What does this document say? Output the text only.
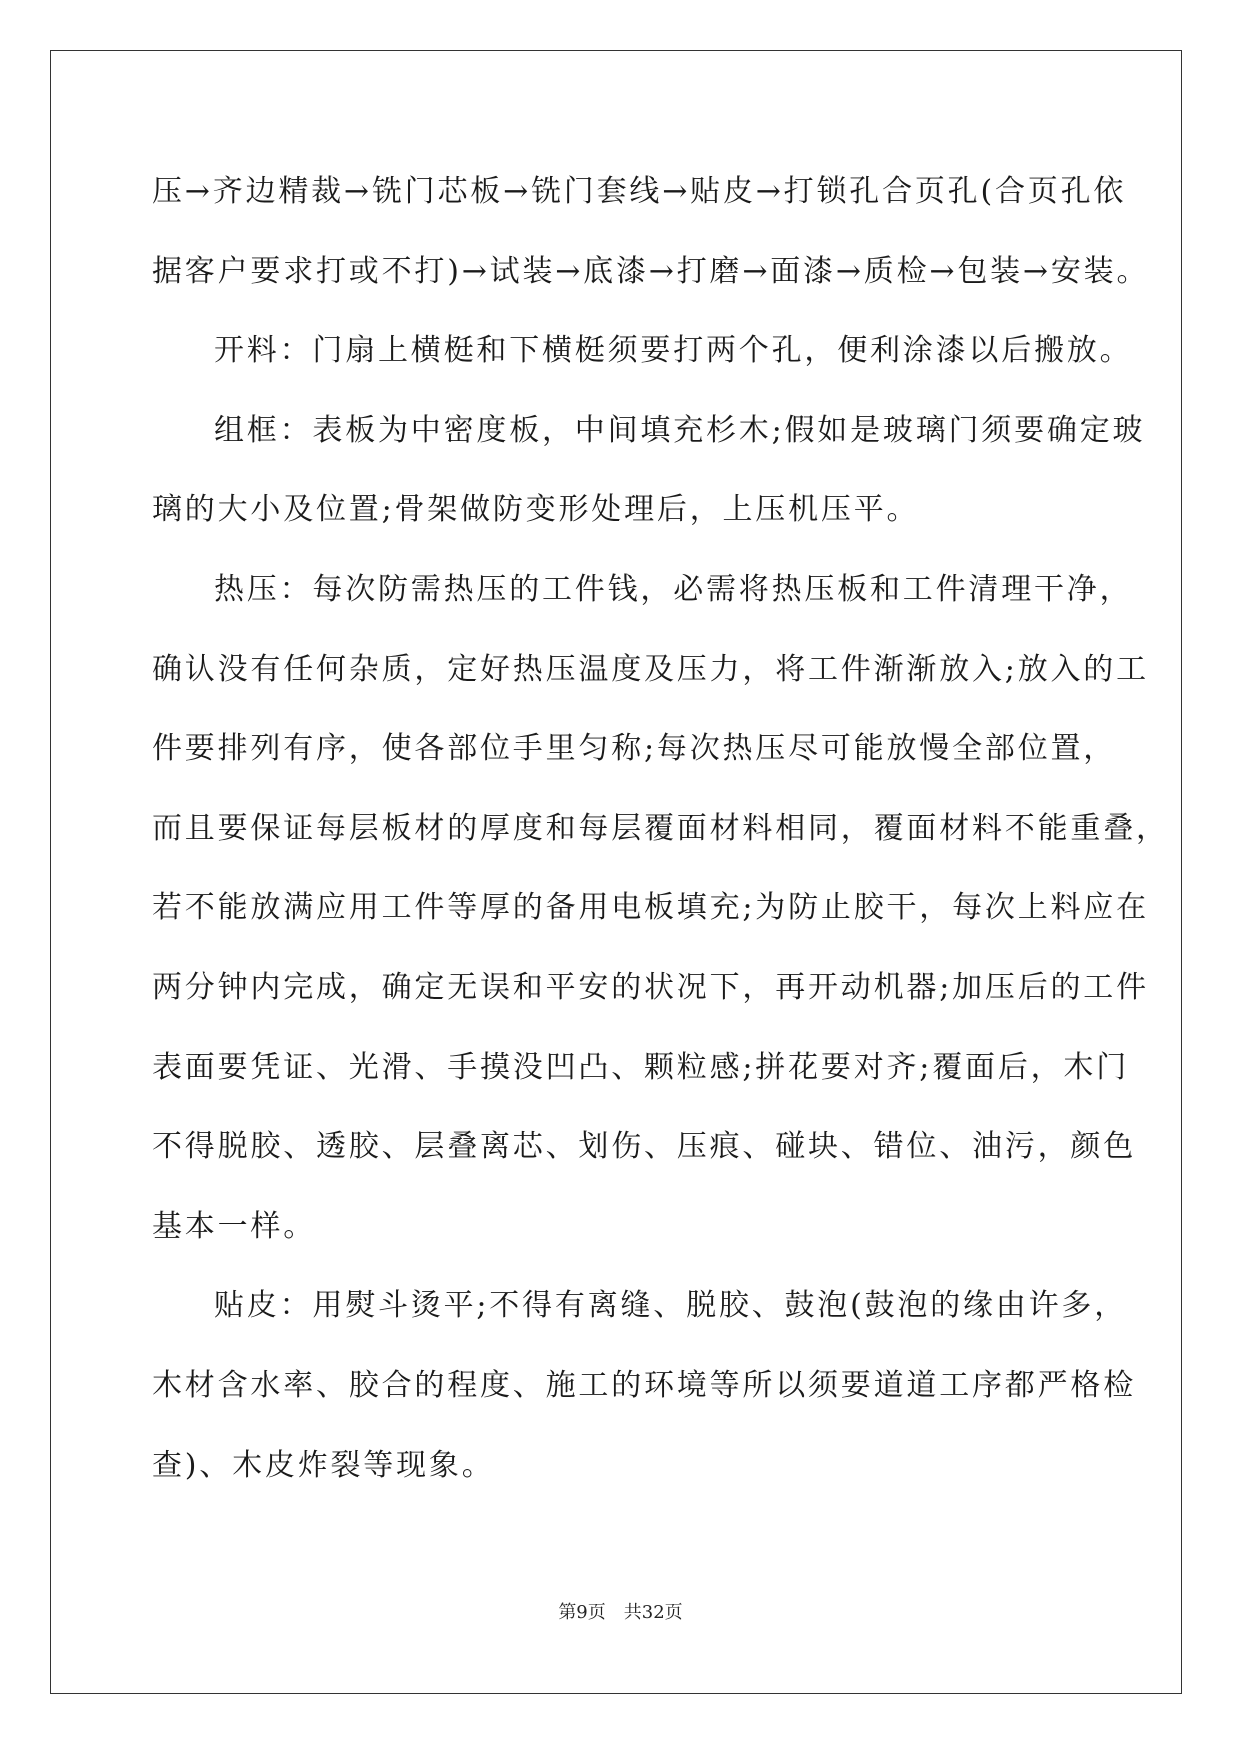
压→齐边精裁→铣门芯板→铣门套线→贴皮→打锁孔合页孔(合页孔依
据客户要求打或不打)→试装→底漆→打磨→面漆→质检→包装→安装。
开料：门扇上横梃和下横梃须要打两个孔，便利涂漆以后搬放。
组框：表板为中密度板，中间填充杉木;假如是玻璃门须要确定玻
璃的大小及位置;骨架做防变形处理后，上压机压平。
热压：每次防需热压的工件钱，必需将热压板和工件清理干净，
确认没有任何杂质，定好热压温度及压力，将工件渐渐放入;放入的工
件要排列有序，使各部位手里匀称;每次热压尽可能放慢全部位置，
而且要保证每层板材的厚度和每层覆面材料相同，覆面材料不能重叠，
若不能放满应用工件等厚的备用电板填充;为防止胶干，每次上料应在
两分钟内完成，确定无误和平安的状况下，再开动机器;加压后的工件
表面要凭证、光滑、手摸没凹凸、颗粒感;拼花要对齐;覆面后，木门
不得脱胶、透胶、层叠离芯、划伤、压痕、碰块、错位、油污，颜色
基本一样。
贴皮：用熨斗烫平;不得有离缝、脱胶、鼓泡(鼓泡的缘由许多，
木材含水率、胶合的程度、施工的环境等所以须要道道工序都严格检
查)、木皮炸裂等现象。
第9页 共32页
